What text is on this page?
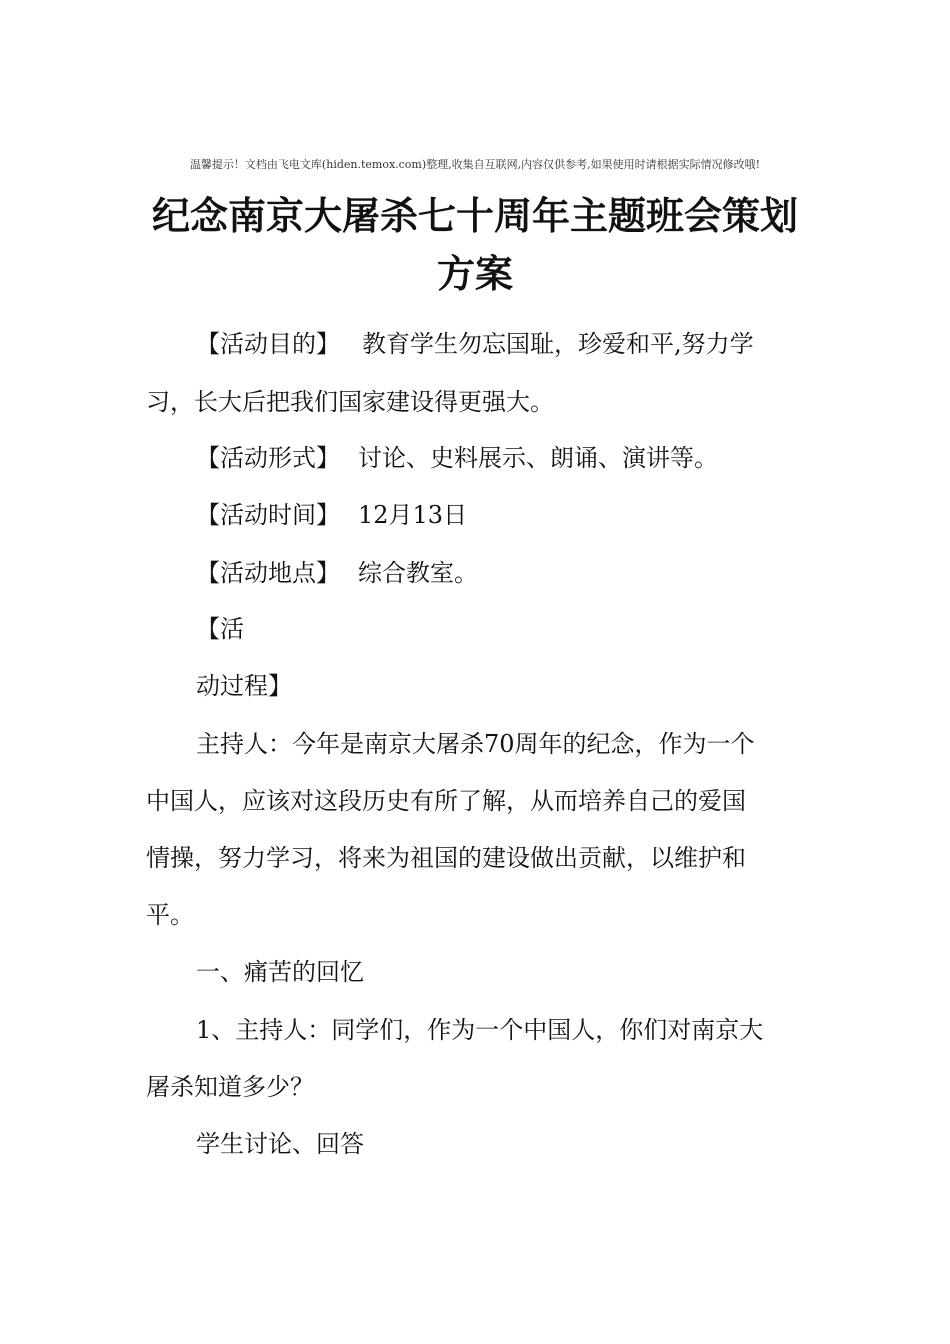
温馨提示！文档由飞电文库(hiden.temox.com)整理,收集自互联网,内容仅供参考,如果使用时请根据实际情况修改哦!
纪念南京大屠杀七十周年主题班会策划
方案
【活动目的】 教育学生勿忘国耻，珍爱和平,努力学
习，长大后把我们国家建设得更强大。
【活动形式】 讨论、史料展示、朗诵、演讲等。
【活动时间】 12月13日
【活动地点】 综合教室。
【活
动过程】
主持人：今年是南京大屠杀70周年的纪念，作为一个
中国人，应该对这段历史有所了解，从而培养自己的爱国
情操，努力学习，将来为祖国的建设做出贡献，以维护和
平。
一、痛苦的回忆
1、主持人：同学们，作为一个中国人，你们对南京大
屠杀知道多少？
学生讨论、回答
